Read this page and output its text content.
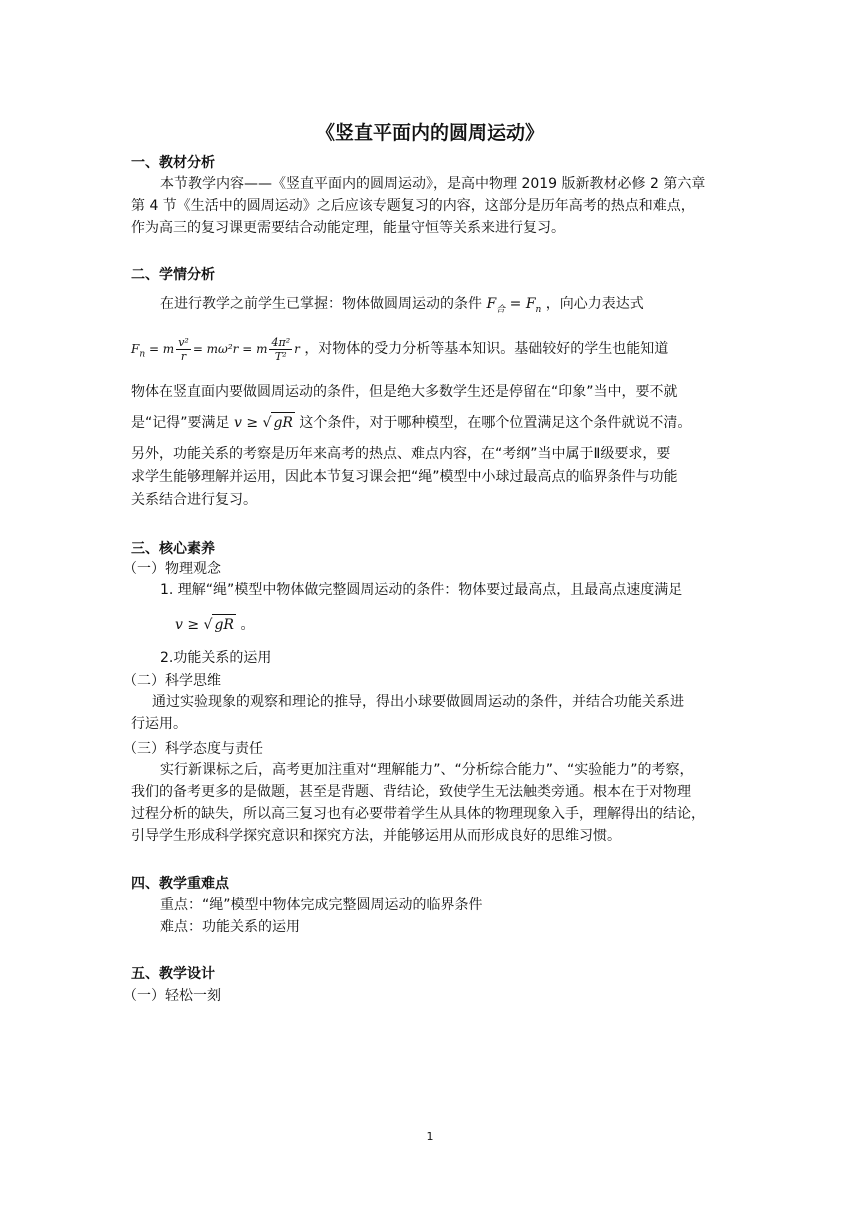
《竖直平面内的圆周运动》
一、教材分析
本节教学内容——《竖直平面内的圆周运动》，是高中物理 2019 版新教材必修 2 第六章
第 4 节《生活中的圆周运动》之后应该专题复习的内容，这部分是历年高考的热点和难点，
作为高三的复习课更需要结合动能定理，能量守恒等关系来进行复习。
二、学情分析
在进行教学之前学生已掌握：物体做圆周运动的条件 $F_合 = F_n$ ，向心力表达式
$F_n = m \frac{\text{v²}}{r} = m\omega^2r = m \frac{\text{4π²}}{\text{T²}}$ r ，对物体的受力分析等基本知识。基础较好的学生也能知道
物体在竖直面内要做圆周运动的条件，但是绝大多数学生还是停留在“印象”当中，要不就
是“记得”要满足 v ≥ √ gR 这个条件，对于哪种模型，在哪个位置满足这个条件就说不清。
另外，功能关系的考察是历年来高考的热点、难点内容，在“考纲”当中属于Ⅱ级要求，要
求学生能够理解并运用，因此本节复习课会把“绳”模型中小球过最高点的临界条件与功能
关系结合进行复习。
三、核心素养
（一）物理观念
1. 理解“绳”模型中物体做完整圆周运动的条件：物体要过最高点，且最高点速度满足
v ≥ √ gR 。
2.功能关系的运用
（二）科学思维
通过实验现象的观察和理论的推导，得出小球要做圆周运动的条件，并结合功能关系进
行运用。
（三）科学态度与责任
实行新课标之后，高考更加注重对“理解能力”、“分析综合能力”、“实验能力”的考察，
我们的备考更多的是做题，甚至是背题、背结论，致使学生无法触类旁通。根本在于对物理
过程分析的缺失，所以高三复习也有必要带着学生从具体的物理现象入手，理解得出的结论，
引导学生形成科学探究意识和探究方法，并能够运用从而形成良好的思维习惯。
四、教学重难点
重点：“绳”模型中物体完成完整圆周运动的临界条件
难点：功能关系的运用
五、教学设计
（一）轻松一刻
1
